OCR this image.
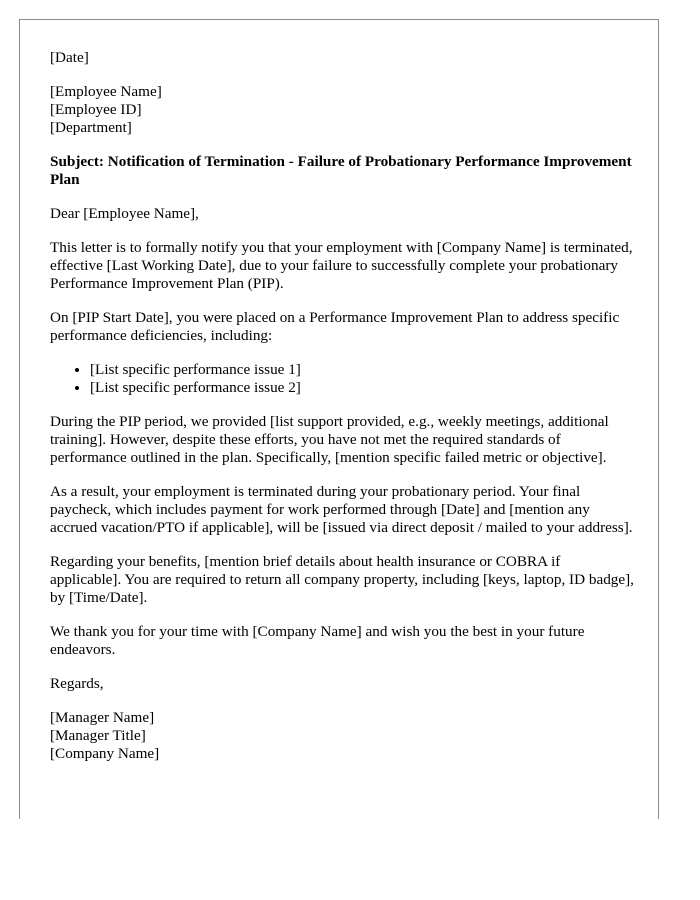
[Date]
[Employee Name]
[Employee ID]
[Department]
Subject: Notification of Termination - Failure of Probationary Performance Improvement Plan

Dear [Employee Name],

This letter is to formally notify you that your employment with [Company Name] is terminated, effective [Last Working Date], due to your failure to successfully complete your probationary Performance Improvement Plan (PIP).

On [PIP Start Date], you were placed on a Performance Improvement Plan to address specific performance deficiencies, including:

• [List specific performance issue 1]
• [List specific performance issue 2]

During the PIP period, we provided [list support provided, e.g., weekly meetings, additional training]. However, despite these efforts, you have not met the required standards of performance outlined in the plan. Specifically, [mention specific failed metric or objective].

As a result, your employment is terminated during your probationary period. Your final paycheck, which includes payment for work performed through [Date] and [mention any accrued vacation/PTO if applicable], will be [issued via direct deposit / mailed to your address].

Regarding your benefits, [mention brief details about health insurance or COBRA if applicable]. You are required to return all company property, including [keys, laptop, ID badge], by [Time/Date].

We thank you for your time with [Company Name] and wish you the best in your future endeavors.

Regards,

[Manager Name]
[Manager Title]
[Company Name]
